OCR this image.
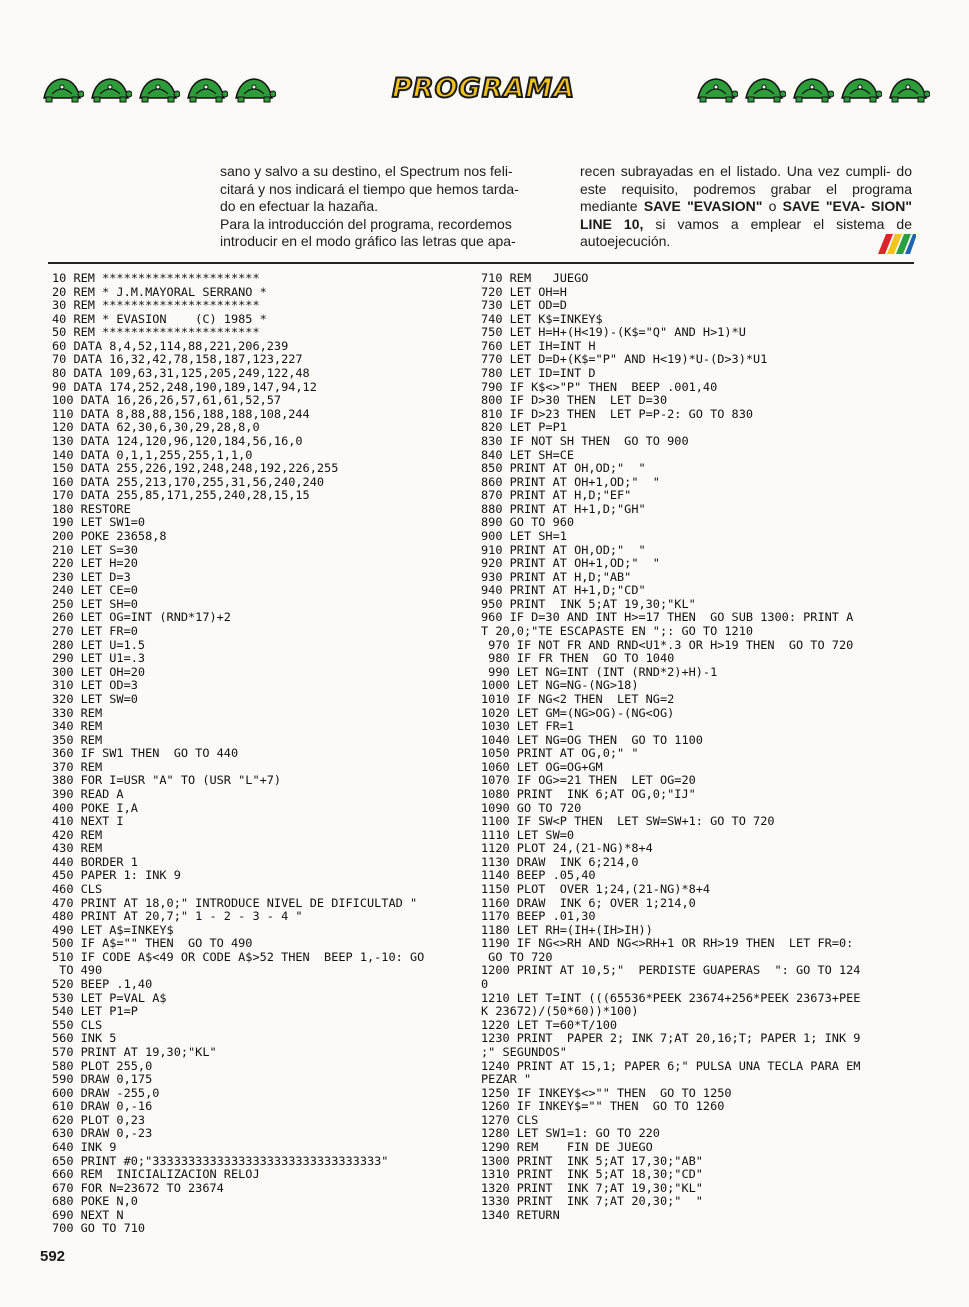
PROGRAMA

sano y salvo a su destino, el Spectrum nos feli-

citará y nos indicará el tiempo que hemos tarda-

do en efectuar la hazaña.

Para la introducción del programa, recordemos

introducir en el modo gráfico las letras que apa-

recen subrayadas en el listado. Una vez cumpli- do este requisito, podremos grabar el programa mediante SAVE "EVASION" o SAVE "EVA- SION" LINE 10, si vamos a emplear el sistema de autoejecución.

10 REM **********************
20 REM * J.M.MAYORAL SERRANO *
30 REM **********************
40 REM * EVASION    (C) 1985 *
50 REM **********************
60 DATA 8,4,52,114,88,221,206,239
70 DATA 16,32,42,78,158,187,123,227
80 DATA 109,63,31,125,205,249,122,48
90 DATA 174,252,248,190,189,147,94,12
100 DATA 16,26,26,57,61,61,52,57
110 DATA 8,88,88,156,188,188,108,244
120 DATA 62,30,6,30,29,28,8,0
130 DATA 124,120,96,120,184,56,16,0
140 DATA 0,1,1,255,255,1,1,0
150 DATA 255,226,192,248,248,192,226,255
160 DATA 255,213,170,255,31,56,240,240
170 DATA 255,85,171,255,240,28,15,15
180 RESTORE
190 LET SW1=0
200 POKE 23658,8
210 LET S=30
220 LET H=20
230 LET D=3
240 LET CE=0
250 LET SH=0
260 LET OG=INT (RND*17)+2
270 LET FR=0
280 LET U=1.5
290 LET U1=.3
300 LET OH=20
310 LET OD=3
320 LET SW=0
330 REM
340 REM
350 REM
360 IF SW1 THEN  GO TO 440
370 REM
380 FOR I=USR "A" TO (USR "L"+7)
390 READ A
400 POKE I,A
410 NEXT I
420 REM
430 REM
440 BORDER 1
450 PAPER 1: INK 9
460 CLS
470 PRINT AT 18,0;" INTRODUCE NIVEL DE DIFICULTAD "
480 PRINT AT 20,7;" 1 - 2 - 3 - 4 "
490 LET A$=INKEY$
500 IF A$="" THEN  GO TO 490
510 IF CODE A$<49 OR CODE A$>52 THEN  BEEP 1,-10: GO
TO 490
520 BEEP .1,40
530 LET P=VAL A$
540 LET P1=P
550 CLS
560 INK 5
570 PRINT AT 19,30;"KL"
580 PLOT 255,0
590 DRAW 0,175
600 DRAW -255,0
610 DRAW 0,-16
620 PLOT 0,23
630 DRAW 0,-23
640 INK 9
650 PRINT #0;"33333333333333333333333333333333"
660 REM  INICIALIZACION RELOJ
670 FOR N=23672 TO 23674
680 POKE N,0
690 NEXT N
700 GO TO 710
710 REM   JUEGO
720 LET OH=H
730 LET OD=D
740 LET K$=INKEY$
750 LET H=H+(H<19)-(K$="Q" AND H>1)*U
760 LET IH=INT H
770 LET D=D+(K$="P" AND H<19)*U-(D>3)*U1
780 LET ID=INT D
790 IF K$<>"P" THEN  BEEP .001,40
800 IF D>30 THEN  LET D=30
810 IF D>23 THEN  LET P=P-2: GO TO 830
820 LET P=P1
830 IF NOT SH THEN  GO TO 900
840 LET SH=CE
850 PRINT AT OH,OD;"  "
860 PRINT AT OH+1,OD;"  "
870 PRINT AT H,D;"EF"
880 PRINT AT H+1,D;"GH"
890 GO TO 960
900 LET SH=1
910 PRINT AT OH,OD;"  "
920 PRINT AT OH+1,OD;"  "
930 PRINT AT H,D;"AB"
940 PRINT AT H+1,D;"CD"
950 PRINT  INK 5;AT 19,30;"KL"
960 IF D=30 AND INT H>=17 THEN  GO SUB 1300: PRINT A
T 20,0;"TE ESCAPASTE EN ";: GO TO 1210
970 IF NOT FR AND RND<U1*.3 OR H>19 THEN  GO TO 720
980 IF FR THEN  GO TO 1040
990 LET NG=INT (INT (RND*2)+H)-1
1000 LET NG=NG-(NG>18)
1010 IF NG<2 THEN  LET NG=2
1020 LET GM=(NG>OG)-(NG<OG)
1030 LET FR=1
1040 LET NG=OG THEN  GO TO 1100
1050 PRINT AT OG,0;" "
1060 LET OG=OG+GM
1070 IF OG>=21 THEN  LET OG=20
1080 PRINT  INK 6;AT OG,0;"IJ"
1090 GO TO 720
1100 IF SW<P THEN  LET SW=SW+1: GO TO 720
1110 LET SW=0
1120 PLOT 24,(21-NG)*8+4
1130 DRAW  INK 6;214,0
1140 BEEP .05,40
1150 PLOT  OVER 1;24,(21-NG)*8+4
1160 DRAW  INK 6; OVER 1;214,0
1170 BEEP .01,30
1180 LET RH=(IH+(IH>IH))
1190 IF NG<>RH AND NG<>RH+1 OR RH>19 THEN  LET FR=0:
GO TO 720
1200 PRINT AT 10,5;"  PERDISTE GUAPERAS  ": GO TO 124
0
1210 LET T=INT (((65536*PEEK 23674+256*PEEK 23673+PEE
K 23672)/(50*60))*100)
1220 LET T=60*T/100
1230 PRINT  PAPER 2; INK 7;AT 20,16;T; PAPER 1; INK 9
;" SEGUNDOS"
1240 PRINT AT 15,1; PAPER 6;" PULSA UNA TECLA PARA EM
PEZAR "
1250 IF INKEY$<>"" THEN  GO TO 1250
1260 IF INKEY$="" THEN  GO TO 1260
1270 CLS
1280 LET SW1=1: GO TO 220
1290 REM    FIN DE JUEGO
1300 PRINT  INK 5;AT 17,30;"AB"
1310 PRINT  INK 5;AT 18,30;"CD"
1320 PRINT  INK 7;AT 19,30;"KL"
1330 PRINT  INK 7;AT 20,30;"  "
1340 RETURN
592
